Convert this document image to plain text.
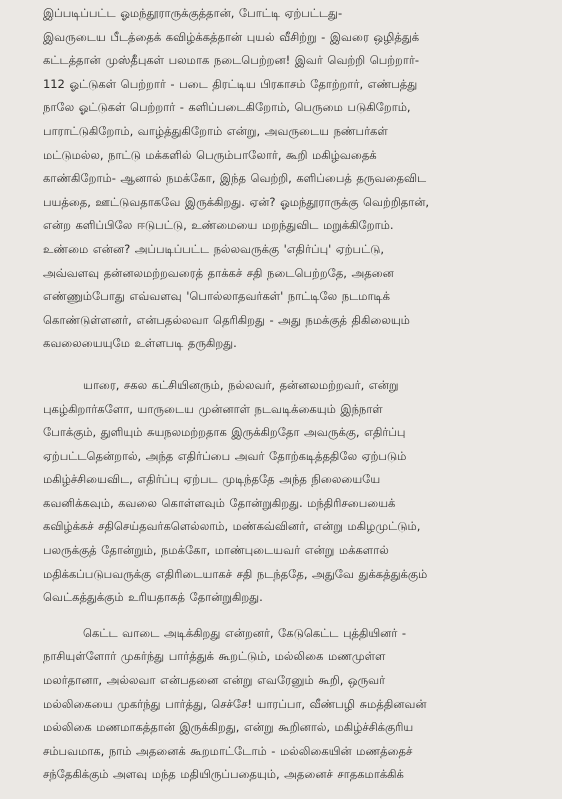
இப்படிப்பட்ட ஓமந்தூராருக்குத்தான், போட்டி ஏற்பட்டது-
இவருடைய பீடத்தைக் கவிழ்க்கத்தான் புயல் வீசிற்று - இவரை ஒழித்துக்
கட்டத்தான் முஸ்தீபுகள் பலமாக நடைபெற்றன! இவர் வெற்றி பெற்றார்-
112 ஓட்டுகள் பெற்றார் - படை திரட்டிய பிரகாசம் தோற்றார், எண்பத்து
நாலே ஓட்டுகள் பெற்றார் - களிப்படைகிறோம், பெருமை படுகிறோம்,
பாராட்டுகிறோம், வாழ்த்துகிறோம் என்று, அவருடைய நண்பர்கள்
மட்டுமல்ல, நாட்டு மக்களில் பெரும்பாலோர், கூறி மகிழ்வதைக்
காண்கிறோம்- ஆனால் நமக்கோ, இந்த வெற்றி, களிப்பைத் தருவதைவிட
பயத்தை, ஊட்டுவதாகவே இருக்கிறது. ஏன்? ஓமந்தூராருக்கு வெற்றிதான்,
என்ற களிப்பிலே ஈடுபட்டு, உண்மையை மறந்துவிட மறுக்கிறோம்.
உண்மை என்ன? அப்படிப்பட்ட நல்லவருக்கு 'எதிர்ப்பு' ஏற்பட்டு,
அவ்வளவு தன்னலமற்றவரைத் தாக்கச் சதி நடைபெற்றதே, அதனை
எண்ணும்போது எவ்வளவு 'பொல்லாதவர்கள்' நாட்டிலே நடமாடிக்
கொண்டுள்ளனர், என்பதல்லவா தெரிகிறது - அது நமக்குத் திகிலையும்
கவலையையுமே உள்ளபடி தருகிறது.

யாரை, சகல கட்சியினரும், நல்லவர், தன்னலமற்றவர், என்று
புகழ்கிறார்களோ, யாருடைய முன்னாள் நடவடிக்கையும் இந்நாள்
போக்கும், துளியும் சுயநலமற்றதாக இருக்கிறதோ அவருக்கு, எதிர்ப்பு
ஏற்பட்டதென்றால், அந்த எதிர்ப்பை அவர் தோற்கடித்ததிலே ஏற்படும்
மகிழ்ச்சியைவிட, எதிர்ப்பு ஏற்பட முடிந்ததே அந்த நிலையையே
கவனிக்கவும், கவலை கொள்ளவும் தோன்றுகிறது. மந்திரிசபையைக்
கவிழ்க்கச் சதிசெய்தவர்களெல்லாம், மண்கவ்வினர், என்று மகிழமுட்டும்,
பலருக்குத் தோன்றும், நமக்கோ, மாண்புடையவர் என்று மக்களால்
மதிக்கப்படுபவருக்கு எதிரிடையாகச் சதி நடந்ததே, அதுவே துக்கத்துக்கும்
வெட்கத்துக்கும் உரியதாகத் தோன்றுகிறது.

கெட்ட வாடை அடிக்கிறது என்றனர், கேடுகெட்ட புத்தியினர் -
நாசியுள்ளோர் முகர்ந்து பார்த்துக் கூறட்டும், மல்லிகை மணமுள்ள
மலர்தானா, அல்லவா என்பதனை என்று எவரேனும் கூறி, ஒருவர்
மல்லிகையை முகர்ந்து பார்த்து, செச்சே! யாரப்பா, வீண்பழி சுமத்தினவன்
மல்லிகை மணமாகத்தான் இருக்கிறது, என்று கூறினால், மகிழ்ச்சிக்குரிய
சம்பவமாக, நாம் அதனைக் கூறமாட்டோம் - மல்லிகையின் மணத்தைச்
சந்தேகிக்கும் அளவு மந்த மதியிருப்பதையும், அதனைச் சாதகமாக்கிக்
